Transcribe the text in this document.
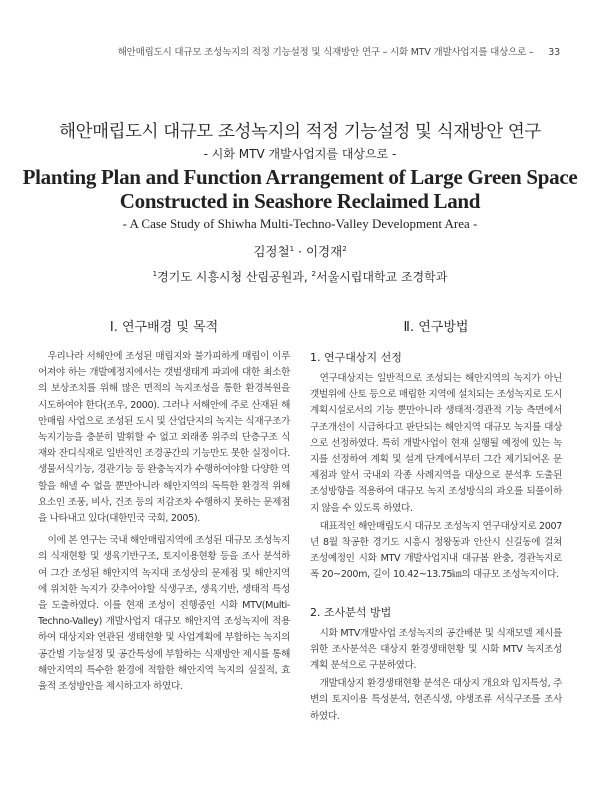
해안매립도시 대규모 조성녹지의 적정 기능설정 및 식재방안 연구 – 시화 MTV 개발사업지를 대상으로 – 33
해안매립도시 대규모 조성녹지의 적정 기능설정 및 식재방안 연구
- 시화 MTV 개발사업지를 대상으로 -
Planting Plan and Function Arrangement of Large Green Space
Constructed in Seashore Reclaimed Land
- A Case Study of Shiwha Multi-Techno-Valley Development Area -
김정철$^1$ · 이경재$^2$
$^1$경기도 시흥시청 산림공원과, $^2$서울시립대학교 조경학과
Ⅰ. 연구배경 및 목적

우리나라 서해안에 조성된 매립지와 불가피하게 매립이 이루어져야 하는 개발예정지에서는 갯벌생태계 파괴에 대한 최소한의 보상조치를 위해 많은 면적의 녹지조성을 통한 환경복원을 시도하여야 한다(조우, 2000). 그러나 서해안에 주로 산재된 해안매립 사업으로 조성된 도시 및 산업단지의 녹지는 식재구조가 녹지기능을 충분히 발휘할 수 없고 외래종 위주의 단층구조 식재와 잔디식재로 일반적인 조경공간의 기능만도 못한 실정이다. 생물서식기능, 경관기능 등 완충녹지가 수행하여야할 다양한 역할을 해낼 수 없을 뿐만아니라 해안지역의 독특한 환경적 위해요소인 조풍, 비사, 건조 등의 저감조차 수행하지 못하는 문제점을 나타내고 있다(대한민국 국회, 2005).

이에 본 연구는 국내 해안매립지역에 조성된 대규모 조성녹지의 식재현황 및 생육기반구조, 토지이용현황 등을 조사 분석하여 그간 조성된 해안지역 녹지대 조성상의 문제점 및 해안지역에 위치한 녹지가 갖추어야할 식생구조, 생육기반, 생태적 특성을 도출하였다. 이를 현재 조성이 진행중인 시화 MTV(Multi-Techno-Valley) 개발사업지 대규모 해안지역 조성녹지에 적용하여 대상지와 연관된 생태현황 및 사업계획에 부합하는 녹지의 공간별 기능설정 및 공간특성에 부합하는 식재방안 제시를 통해 해안지역의 특수한 환경에 적합한 해안지역 녹지의 실질적, 효율적 조성방안을 제시하고자 하였다.

Ⅱ. 연구방법
1. 연구대상지 선정

연구대상지는 일반적으로 조성되는 해안지역의 녹지가 아닌 갯벌위에 산토 등으로 매립한 지역에 설치되는 조성녹지로 도시계획시설로서의 기능 뿐만아니라 생태적·경관적 기능 측면에서 구조개선이 시급하다고 판단되는 해안지역 대규모 녹지를 대상으로 선정하였다. 특히 개발사업이 현재 실행될 예정에 있는 녹지를 선정하여 계획 및 설계 단계에서부터 그간 제기되어온 문제점과 앞서 국내외 각종 사례지역을 대상으로 분석후 도출된 조성방향을 적용하여 대규모 녹지 조성방식의 과오를 되풀이하지 않을 수 있도록 하였다.

대표적인 해안매립도시 대규모 조성녹지 연구대상지로 2007년 8월 착공한 경기도 시흥시 정왕동과 안산시 신길동에 걸쳐 조성예정인 시화 MTV 개발사업지내 대규봄 완충, 경관녹지로 폭 20~200m, 길이 10.42~13.75㎞의 대규모 조성녹지이다.

2. 조사분석 방법

시화 MTV개발사업 조성녹지의 공간배분 및 식재모델 제시를 위한 조사분석은 대상지 환경생태현황 및 시화 MTV 녹지조성계획 분석으로 구분하였다.

개발대상지 환경생태현황 분석은 대상지 개요와 입지특성, 주변의 토지이용 특성분석, 현존식생, 야생조류 서식구조를 조사하였다.
